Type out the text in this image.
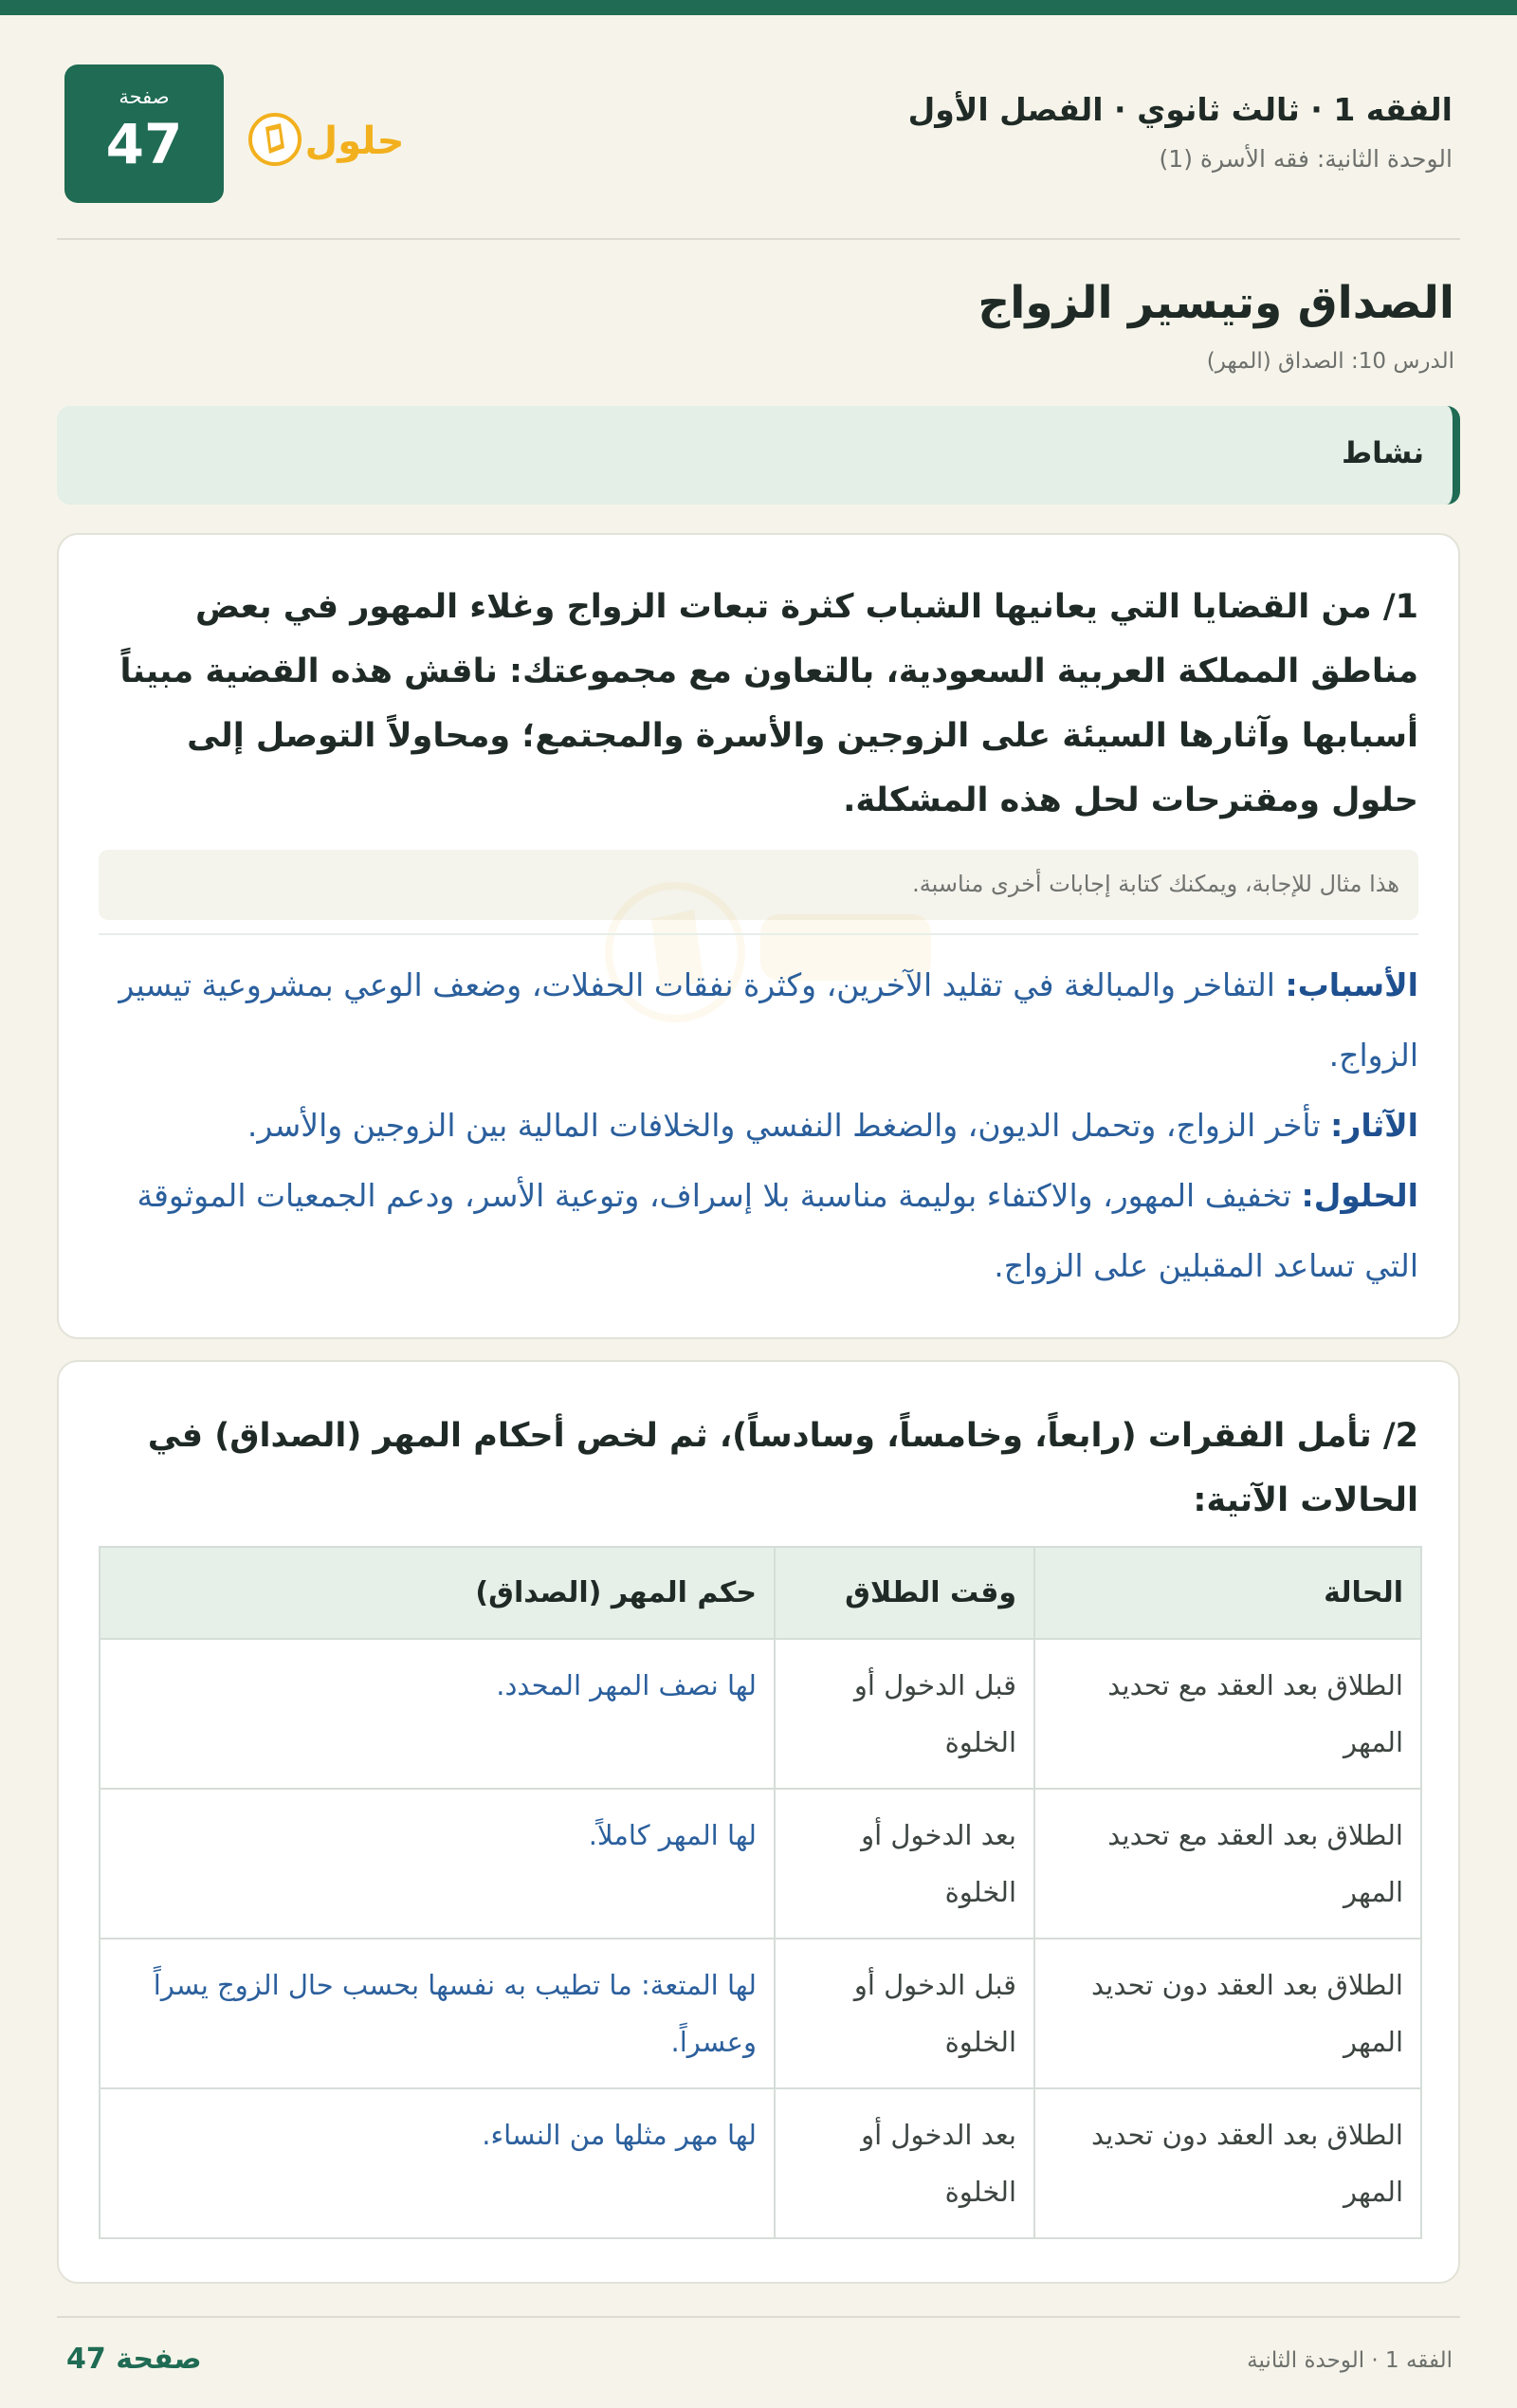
الفقه 1 · ثالث ثانوي · الفصل الأول
الوحدة الثانية: فقه الأسرة (1)
حلول
صفحة
47
الصداق وتيسير الزواج
الدرس 10: الصداق (المهر)
نشاط
1/ من القضايا التي يعانيها الشباب كثرة تبعات الزواج وغلاء المهور في بعض مناطق المملكة العربية السعودية، بالتعاون مع مجموعتك: ناقش هذه القضية مبيناً أسبابها وآثارها السيئة على الزوجين والأسرة والمجتمع؛ ومحاولاً التوصل إلى حلول ومقترحات لحل هذه المشكلة.
هذا مثال للإجابة، ويمكنك كتابة إجابات أخرى مناسبة.
الأسباب: التفاخر والمبالغة في تقليد الآخرين، وكثرة نفقات الحفلات، وضعف الوعي بمشروعية تيسير الزواج.
الآثار: تأخر الزواج، وتحمل الديون، والضغط النفسي والخلافات المالية بين الزوجين والأسر.
الحلول: تخفيف المهور، والاكتفاء بوليمة مناسبة بلا إسراف، وتوعية الأسر، ودعم الجمعيات الموثوقة التي تساعد المقبلين على الزواج.
2/ تأمل الفقرات (رابعاً، وخامساً، وسادساً)، ثم لخص أحكام المهر (الصداق) في الحالات الآتية:
الحالة	وقت الطلاق	حكم المهر (الصداق)
الطلاق بعد العقد مع تحديد المهر	قبل الدخول أو الخلوة	لها نصف المهر المحدد.
الطلاق بعد العقد مع تحديد المهر	بعد الدخول أو الخلوة	لها المهر كاملاً.
الطلاق بعد العقد دون تحديد المهر	قبل الدخول أو الخلوة	لها المتعة: ما تطيب به نفسها بحسب حال الزوج يسراً وعسراً.
الطلاق بعد العقد دون تحديد المهر	بعد الدخول أو الخلوة	لها مهر مثلها من النساء.
صفحة 47	الفقه 1 · الوحدة الثانية
